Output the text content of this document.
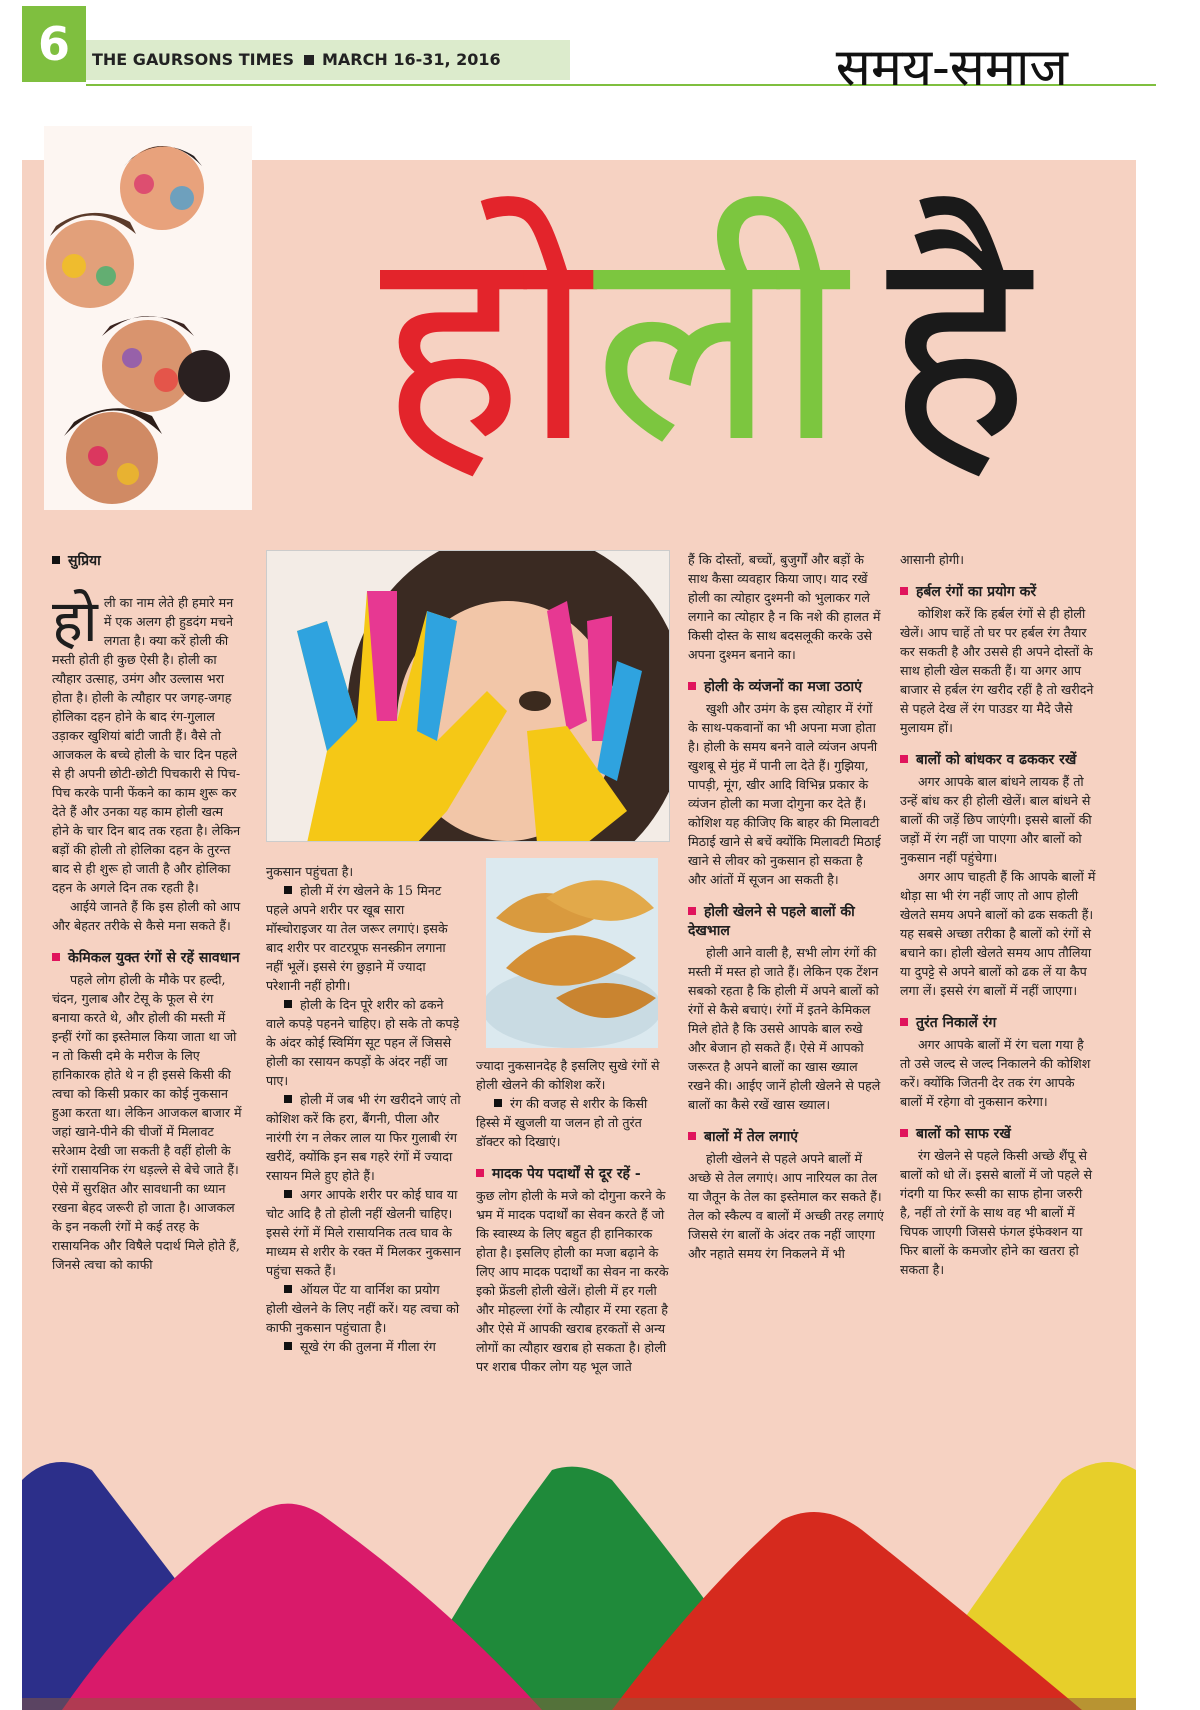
6	THE GAURSONS TIMES MARCH 16-31, 2016	समय-समाज
होली है

सुप्रिया

होली का नाम लेते ही हमारे मन में एक अलग ही हुडदंग मचने लगता है। क्या करें होली की मस्ती होती ही कुछ ऐसी है। होली का त्यौहार उत्साह, उमंग और उल्लास भरा होता है। होली के त्यौहार पर जगह-जगह होलिका दहन होने के बाद रंग-गुलाल उड़ाकर खुशियां बांटी जाती हैं। वैसे तो आजकल के बच्चे होली के चार दिन पहले से ही अपनी छोटी-छोटी पिचकारी से पिच-पिच करके पानी फेंकने का काम शुरू कर देते हैं और उनका यह काम होली खत्म होने के चार दिन बाद तक रहता है। लेकिन बड़ों की होली तो होलिका दहन के तुरन्त बाद से ही शुरू हो जाती है और होलिका दहन के अगले दिन तक रहती है।

आईये जानते हैं कि इस होली को आप और बेहतर तरीके से कैसे मना सकते हैं।

केमिकल युक्त रंगों से रहें सावधान

पहले लोग होली के मौके पर हल्दी, चंदन, गुलाब और टेसू के फूल से रंग बनाया करते थे, और होली की मस्ती में इन्हीं रंगों का इस्तेमाल किया जाता था जो न तो किसी दमे के मरीज के लिए हानिकारक होते थे न ही इससे किसी की त्वचा को किसी प्रकार का कोई नुकसान हुआ करता था। लेकिन आजकल बाजार में जहां खाने-पीने की चीजों में मिलावट सरेआम देखी जा सकती है वहीं होली के रंगों रासायनिक रंग धड़ल्ले से बेचे जाते हैं। ऐसे में सुरक्षित और सावधानी का ध्यान रखना बेहद जरूरी हो जाता है। आजकल के इन नकली रंगों मे कई तरह के रासायनिक और विषैले पदार्थ मिले होते हैं, जिनसे त्वचा को काफी

नुकसान पहुंचता है।

होली में रंग खेलने के 15 मिनट पहले अपने शरीर पर खूब सारा मॉस्चोराइजर या तेल जरूर लगाएं। इसके बाद शरीर पर वाटरप्रूफ सनस्क्रीन लगाना नहीं भूलें। इससे रंग छुड़ाने में ज्यादा परेशानी नहीं होगी।

होली के दिन पूरे शरीर को ढकने वाले कपड़े पहनने चाहिए। हो सके तो कपड़े के अंदर कोई स्विमिंग सूट पहन लें जिससे होली का रसायन कपड़ों के अंदर नहीं जा पाए।

होली में जब भी रंग खरीदने जाएं तो कोशिश करें कि हरा, बैंगनी, पीला और नारंगी रंग न लेकर लाल या फिर गुलाबी रंग खरीदें, क्योंकि इन सब गहरे रंगों में ज्यादा रसायन मिले हुए होते हैं।

अगर आपके शरीर पर कोई घाव या चोट आदि है तो होली नहीं खेलनी चाहिए। इससे रंगों में मिले रासायनिक तत्व घाव के माध्यम से शरीर के रक्त में मिलकर नुकसान पहुंचा सकते हैं।

ऑयल पेंट या वार्निश का प्रयोग होली खेलने के लिए नहीं करें। यह त्वचा को काफी नुकसान पहुंचाता है।

सूखे रंग की तुलना में गीला रंग

ज्यादा नुकसानदेह है इसलिए सुखे रंगों से होली खेलने की कोशिश करें।

रंग की वजह से शरीर के किसी हिस्से में खुजली या जलन हो तो तुरंत डॉक्टर को दिखाएं।

मादक पेय पदार्थों से दूर रहें -

कुछ लोग होली के मजे को दोगुना करने के भ्रम में मादक पदार्थों का सेवन करते हैं जो कि स्वास्थ्य के लिए बहुत ही हानिकारक होता है। इसलिए होली का मजा बढ़ाने के लिए आप मादक पदार्थों का सेवन ना करके इको फ्रेंडली होली खेलें। होली में हर गली और मोहल्ला रंगों के त्यौहार में रमा रहता है और ऐसे में आपकी खराब हरकतों से अन्य लोगों का त्यौहार खराब हो सकता है। होली पर शराब पीकर लोग यह भूल जाते

हैं कि दोस्तों, बच्चों, बुजुर्गों और बड़ों के साथ कैसा व्यवहार किया जाए। याद रखें होली का त्योहार दुश्मनी को भुलाकर गले लगाने का त्योहार है न कि नशे की हालत में किसी दोस्त के साथ बदसलूकी करके उसे अपना दुश्मन बनाने का।

होली के व्यंजनों का मजा उठाएं

खुशी और उमंग के इस त्योहार में रंगों के साथ-पकवानों का भी अपना मजा होता है। होली के समय बनने वाले व्यंजन अपनी खुशबू से मुंह में पानी ला देते हैं। गुझिया, पापड़ी, मूंग, खीर आदि विभिन्न प्रकार के व्यंजन होली का मजा दोगुना कर देते हैं। कोशिश यह कीजिए कि बाहर की मिलावटी मिठाई खाने से बचें क्योंकि मिलावटी मिठाई खाने से लीवर को नुकसान हो सकता है और आंतों में सूजन आ सकती है।

होली खेलने से पहले बालों की देखभाल

होली आने वाली है, सभी लोग रंगों की मस्ती में मस्त हो जाते हैं। लेकिन एक टेंशन सबको रहता है कि होली में अपने बालों को रंगों से कैसे बचाएं। रंगों में इतने केमिकल मिले होते है कि उससे आपके बाल रुखे और बेजान हो सकते हैं। ऐसे में आपको जरूरत है अपने बालों का खास ख्याल रखने की। आईए जानें होली खेलने से पहले बालों का कैसे रखें खास ख्याल।

बालों में तेल लगाएं

होली खेलने से पहले अपने बालों में अच्छे से तेल लगाएं। आप नारियल का तेल या जैतून के तेल का इस्तेमाल कर सकते हैं। तेल को स्कैल्प व बालों में अच्छी तरह लगाएं जिससे रंग बालों के अंदर तक नहीं जाएगा और नहाते समय रंग निकलने में भी

आसानी होगी।

हर्बल रंगों का प्रयोग करें

कोशिश करें कि हर्बल रंगों से ही होली खेलें। आप चाहें तो घर पर हर्बल रंग तैयार कर सकती है और उससे ही अपने दोस्तों के साथ होली खेल सकती हैं। या अगर आप बाजार से हर्बल रंग खरीद रहीं है तो खरीदने से पहले देख लें रंग पाउडर या मैदे जैसे मुलायम हों।

बालों को बांधकर व ढककर रखें

अगर आपके बाल बांधने लायक हैं तो उन्हें बांध कर ही होली खेलें। बाल बांधने से बालों की जड़ें छिप जाएंगी। इससे बालों की जड़ों में रंग नहीं जा पाएगा और बालों को नुकसान नहीं पहुंचेगा।

अगर आप चाहती हैं कि आपके बालों में थोड़ा सा भी रंग नहीं जाए तो आप होली खेलते समय अपने बालों को ढक सकती हैं। यह सबसे अच्छा तरीका है बालों को रंगों से बचाने का। होली खेलते समय आप तौलिया या दुपट्टे से अपने बालों को ढक लें या कैप लगा लें। इससे रंग बालों में नहीं जाएगा।

तुरंत निकालें रंग

अगर आपके बालों में रंग चला गया है तो उसे जल्द से जल्द निकालने की कोशिश करें। क्योंकि जितनी देर तक रंग आपके बालों में रहेगा वो नुकसान करेगा।

बालों को साफ रखें

रंग खेलने से पहले किसी अच्छे शैंपू से बालों को धो लें। इससे बालों में जो पहले से गंदगी या फिर रूसी का साफ होना जरुरी है, नहीं तो रंगों के साथ वह भी बालों में चिपक जाएगी जिससे फंगल इंफेक्शन या फिर बालों के कमजोर होने का खतरा हो सकता है।
